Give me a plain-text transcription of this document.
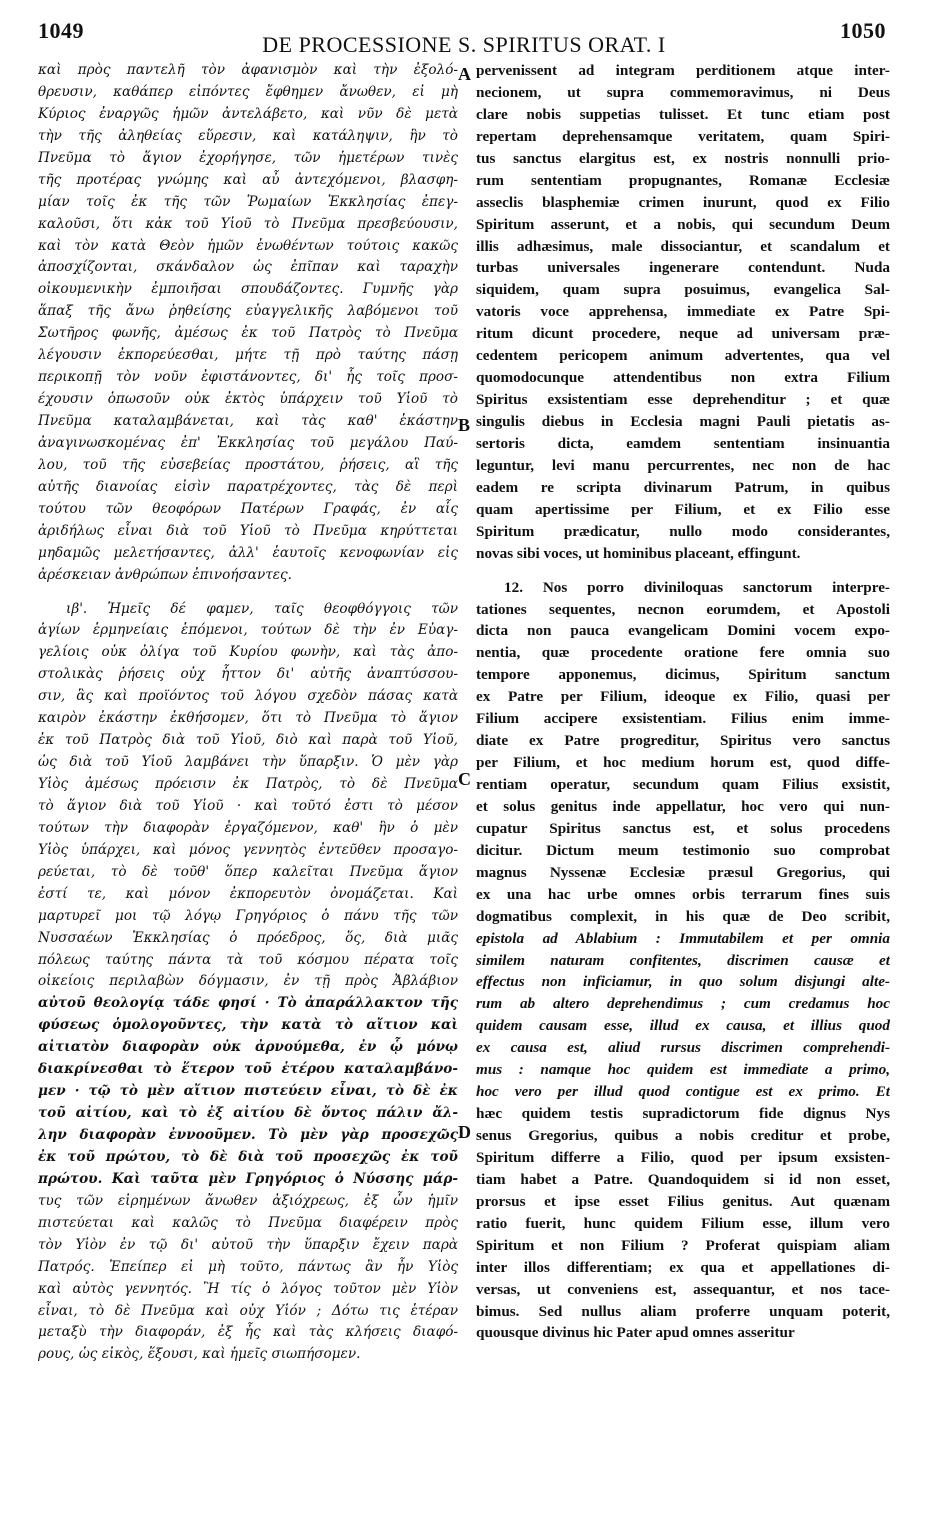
1049
DE PROCESSIONE S. SPIRITUS ORAT. I
1050
καὶ πρὸς παντελῆ τὸν ἀφανισμὸν καὶ τὴν ἐξολό-
θρευσιν, καθάπερ εἰπόντες ἔφθημεν ἄνωθεν, εἰ μὴ
Κύριος ἐναργῶς ἡμῶν ἀντελάβετο, καὶ νῦν δὲ μετὰ
τὴν τῆς ἀληθείας εὕρεσιν, καὶ κατάληψιν, ἣν τὸ
Πνεῦμα τὸ ἅγιον ἐχορήγησε, τῶν ἡμετέρων τινὲς
τῆς προτέρας γνώμης καὶ αὖ ἀντεχόμενοι, βλασφη-
μίαν τοῖς ἐκ τῆς τῶν Ῥωμαίων Ἐκκλησίας ἐπεγ-
καλοῦσι, ὅτι κἀκ τοῦ Υἱοῦ τὸ Πνεῦμα πρεσβεύουσιν,
καὶ τὸν κατὰ Θεὸν ἡμῶν ἑνωθέντων τούτοις κακῶς
ἀποσχίζονται, σκάνδαλον ὡς ἐπῖπαν καὶ ταραχὴν
οἰκουμενικὴν ἐμποιῆσαι σπουδάζοντες. Γυμνῆς γὰρ
ἅπαξ τῆς ἄνω ῥηθείσης εὐαγγελικῆς λαβόμενοι τοῦ
Σωτῆρος φωνῆς, ἀμέσως ἐκ τοῦ Πατρὸς τὸ Πνεῦμα
λέγουσιν ἐκπορεύεσθαι, μήτε τῇ πρὸ ταύτης πάσῃ
περικοπῇ τὸν νοῦν ἐφιστάνοντες, δι' ἧς τοῖς προσ-
έχουσιν ὁπωσοῦν οὐκ ἐκτὸς ὑπάρχειν τοῦ Υἱοῦ τὸ
Πνεῦμα καταλαμβάνεται, καὶ τὰς καθ' ἑκάστην
ἀναγινωσκομένας ἐπ' Ἐκκλησίας τοῦ μεγάλου Παύ-
λου, τοῦ τῆς εὐσεβείας προστάτου, ῥήσεις, αἳ τῆς
αὐτῆς διανοίας εἰσὶν παρατρέχοντες, τὰς δὲ περὶ
τούτου τῶν θεοφόρων Πατέρων Γραφάς, ἐν αἷς
ἀριδήλως εἶναι διὰ τοῦ Υἱοῦ τὸ Πνεῦμα κηρύττεται
μηδαμῶς μελετήσαντες, ἀλλ' ἑαυτοῖς κενοφωνίαν εἰς
ἀρέσκειαν ἀνθρώπων ἐπινοήσαντες.
ιβ'. Ἡμεῖς δέ φαμεν, ταῖς θεοφθόγγοις τῶν
ἁγίων ἑρμηνείαις ἑπόμενοι, τούτων δὲ τὴν ἐν Εὐαγ-
γελίοις οὐκ ὀλίγα τοῦ Κυρίου φωνὴν, καὶ τὰς ἀπο-
στολικὰς ῥήσεις οὐχ ἧττον δι' αὐτῆς ἀναπτύσσου-
σιν, ἃς καὶ προϊόντος τοῦ λόγου σχεδὸν πάσας κατὰ
καιρὸν ἑκάστην ἐκθήσομεν, ὅτι τὸ Πνεῦμα τὸ ἅγιον
ἐκ τοῦ Πατρὸς διὰ τοῦ Υἱοῦ, διὸ καὶ παρὰ τοῦ Υἱοῦ,
ὡς διὰ τοῦ Υἱοῦ λαμβάνει τὴν ὕπαρξιν. Ὁ μὲν γὰρ
Υἱὸς ἀμέσως πρόεισιν ἐκ Πατρὸς, τὸ δὲ Πνεῦμα
τὸ ἅγιον διὰ τοῦ Υἱοῦ · καὶ τοῦτό ἐστι τὸ μέσον
τούτων τὴν διαφορὰν ἐργαζόμενον, καθ' ἣν ὁ μὲν
Υἱὸς ὑπάρχει, καὶ μόνος γεννητὸς ἐντεῦθεν προσαγο-
ρεύεται, τὸ δὲ τοῦθ' ὅπερ καλεῖται Πνεῦμα ἅγιον
ἐστί τε, καὶ μόνον ἐκπορευτὸν ὀνομάζεται. Καὶ
μαρτυρεῖ μοι τῷ λόγῳ Γρηγόριος ὁ πάνυ τῆς τῶν
Νυσσαέων Ἐκκλησίας ὁ πρόεδρος, ὅς, διὰ μιᾶς
πόλεως ταύτης πάντα τὰ τοῦ κόσμου πέρατα τοῖς
οἰκείοις περιλαβὼν δόγμασιν, ἐν τῇ πρὸς Ἀβλάβιον
αὐτοῦ θεολογίᾳ τάδε φησί · Τὸ ἀπαράλλακτον τῆς
φύσεως ὁμολογοῦντες, τὴν κατὰ τὸ αἴτιον καὶ
αἰτιατὸν διαφορὰν οὐκ ἀρνούμεθα, ἐν ᾧ μόνῳ
διακρίνεσθαι τὸ ἕτερον τοῦ ἑτέρου καταλαμβάνο-
μεν · τῷ τὸ μὲν αἴτιον πιστεύειν εἶναι, τὸ δὲ ἐκ
τοῦ αἰτίου, καὶ τὸ ἐξ αἰτίου δὲ ὄντος πάλιν ἄλ-
λην διαφορὰν ἐννοοῦμεν. Τὸ μὲν γὰρ προσεχῶς
ἐκ τοῦ πρώτου, τὸ δὲ διὰ τοῦ προσεχῶς ἐκ τοῦ
πρώτου. Καὶ ταῦτα μὲν Γρηγόριος ὁ Νύσσης μάρ-
τυς τῶν εἰρημένων ἄνωθεν ἀξιόχρεως, ἐξ ὧν ἡμῖν
πιστεύεται καὶ καλῶς τὸ Πνεῦμα διαφέρειν πρὸς
τὸν Υἱὸν ἐν τῷ δι' αὐτοῦ τὴν ὕπαρξιν ἔχειν παρὰ
Πατρός. Ἐπείπερ εἰ μὴ τοῦτο, πάντως ἂν ἦν Υἱὸς
καὶ αὐτὸς γεννητός. Ἢ τίς ὁ λόγος τοῦτον μὲν Υἱὸν
εἶναι, τὸ δὲ Πνεῦμα καὶ οὐχ Υἱόν ; Δότω τις ἑτέραν
μεταξὺ τὴν διαφοράν, ἐξ ἧς καὶ τὰς κλήσεις διαφό-
ρους, ὡς εἰκὸς, ἕξουσι, καὶ ἡμεῖς σιωπήσομεν.
pervenissent ad integram perditionem atque inter-
necionem, ut supra commemoravimus, ni Deus
clare nobis suppetias tulisset. Et tunc etiam post
repertam deprehensamque veritatem, quam Spiri-
tus sanctus elargitus est, ex nostris nonnulli prio-
rum sententiam propugnantes, Romanæ Ecclesiæ
asseclis blasphemiæ crimen inurunt, quod ex Filio
Spiritum asserunt, et a nobis, qui secundum Deum
illis adhæsimus, male dissociantur, et scandalum et
turbas universales ingenerare contendunt. Nuda
siquidem, quam supra posuimus, evangelica Sal-
vatoris voce apprehensa, immediate ex Patre Spi-
ritum dicunt procedere, neque ad universam præ-
cedentem pericopem animum advertentes, qua vel
quomodocunque attendentibus non extra Filium
Spiritus exsistentiam esse deprehenditur ; et quæ
singulis diebus in Ecclesia magni Pauli pietatis as-
sertoris dicta, eamdem sententiam insinuantia
leguntur, levi manu percurrentes, nec non de hac
eadem re scripta divinarum Patrum, in quibus
quam apertissime per Filium, et ex Filio esse
Spiritum prædicatur, nullo modo considerantes,
novas sibi voces, ut hominibus placeant, effingunt.
12. Nos porro diviniloquas sanctorum interpre-
tationes sequentes, necnon eorumdem, et Apostoli
dicta non pauca evangelicam Domini vocem expo-
nentia, quæ procedente oratione fere omnia suo
tempore apponemus, dicimus, Spiritum sanctum
ex Patre per Filium, ideoque ex Filio, quasi per
Filium accipere exsistentiam. Filius enim imme-
diate ex Patre progreditur, Spiritus vero sanctus
per Filium, et hoc medium horum est, quod diffe-
rentiam operatur, secundum quam Filius exsistit,
et solus genitus inde appellatur, hoc vero qui nun-
cupatur Spiritus sanctus est, et solus procedens
dicitur. Dictum meum testimonio suo comprobat
magnus Nyssenæ Ecclesiæ præsul Gregorius, qui
ex una hac urbe omnes orbis terrarum fines suis
dogmatibus complexit, in his quæ de Deo scribit,
epistola ad Ablabium : Immutabilem et per omnia
similem naturam confitentes, discrimen causæ et
effectus non inficiamur, in quo solum disjungi alte-
rum ab altero deprehendimus ; cum credamus hoc
quidem causam esse, illud ex causa, et illius quod
ex causa est, aliud rursus discrimen comprehendi-
mus : namque hoc quidem est immediate a primo,
hoc vero per illud quod contigue est ex primo. Et
hæc quidem testis supradictorum fide dignus Nys
senus Gregorius, quibus a nobis creditur et probe,
Spiritum differre a Filio, quod per ipsum exsisten-
tiam habet a Patre. Quandoquidem si id non esset,
prorsus et ipse esset Filius genitus. Aut quænam
ratio fuerit, hunc quidem Filium esse, illum vero
Spiritum et non Filium ? Proferat quispiam aliam
inter illos differentiam; ex qua et appellationes di-
versas, ut conveniens est, assequantur, et nos tace-
bimus. Sed nullus aliam proferre unquam poterit,
quousque divinus hic Pater apud omnes asseritur
A
B
C
D
